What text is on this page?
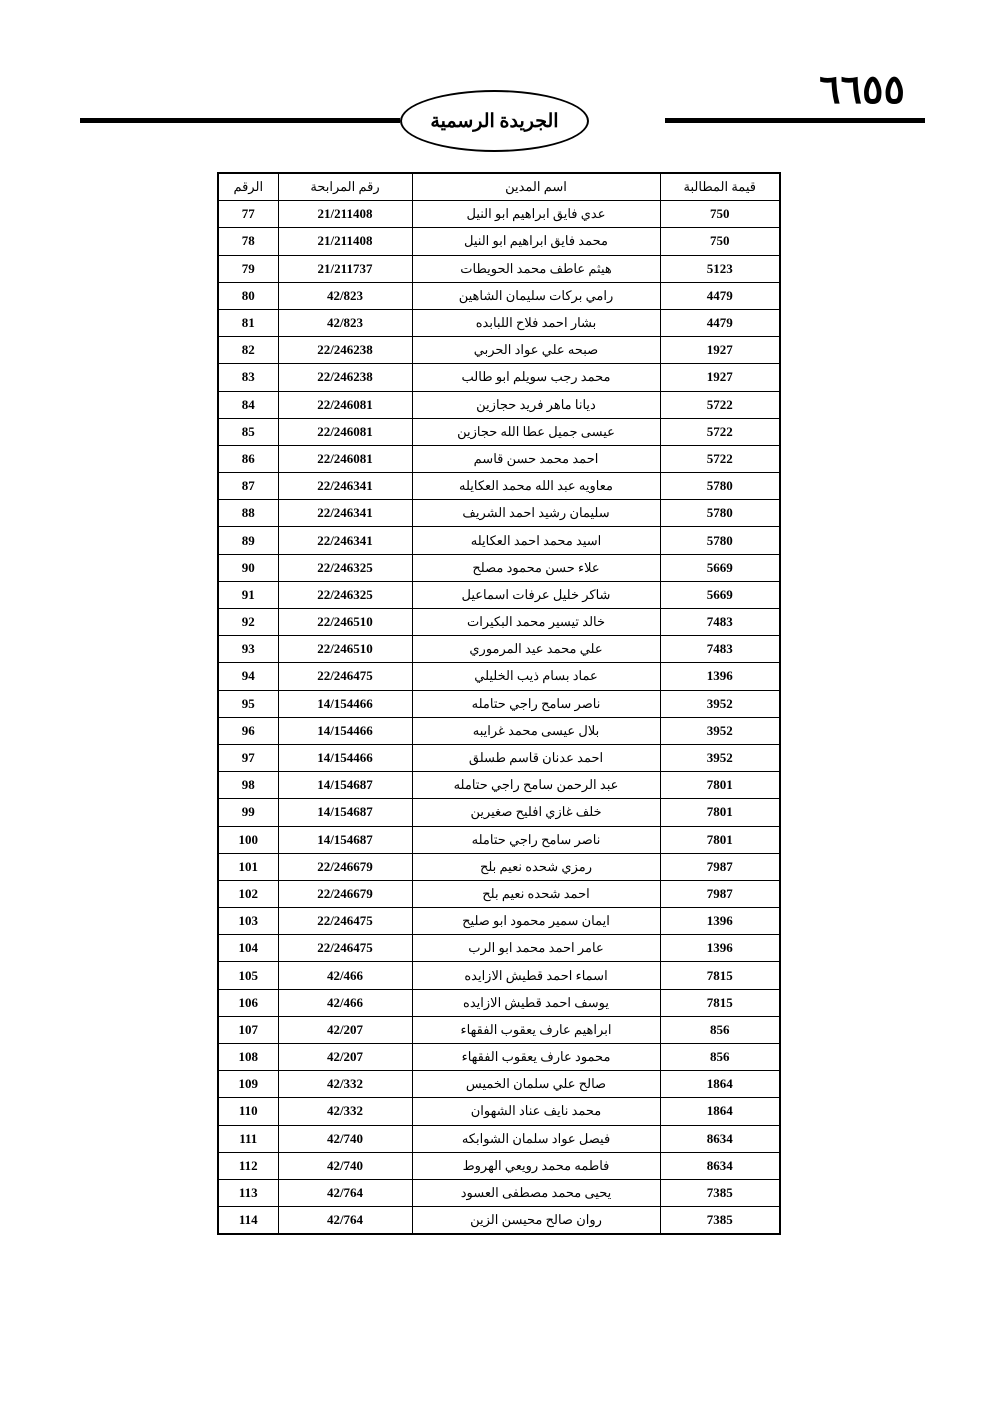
٦٦٥٥
الجريدة الرسمية
قيمة المطالبة	اسم المدين	رقم المرابحة	الرقم
750	عدي فايق ابراهيم ابو النيل	21/211408	77
750	محمد فايق ابراهيم ابو النيل	21/211408	78
5123	هيثم عاطف محمد الحويطات	21/211737	79
4479	رامي بركات سليمان الشاهين	42/823	80
4479	بشار احمد فلاح اللبابده	42/823	81
1927	صبحه علي عواد الحربي	22/246238	82
1927	محمد رجب سويلم ابو طالب	22/246238	83
5722	ديانا ماهر فريد حجازين	22/246081	84
5722	عيسى جميل عطا الله حجازين	22/246081	85
5722	احمد محمد حسن قاسم	22/246081	86
5780	معاويه عبد الله محمد العكايله	22/246341	87
5780	سليمان رشيد احمد الشريف	22/246341	88
5780	اسيد محمد احمد العكايله	22/246341	89
5669	علاء حسن محمود مصلح	22/246325	90
5669	شاكر خليل عرفات اسماعيل	22/246325	91
7483	خالد تيسير محمد البكيرات	22/246510	92
7483	علي محمد عيد المرموري	22/246510	93
1396	عماد بسام ذيب الخليلي	22/246475	94
3952	ناصر سامح راجي حتامله	14/154466	95
3952	بلال عيسى محمد غرايبه	14/154466	96
3952	احمد عدنان قاسم طسلق	14/154466	97
7801	عبد الرحمن سامح راجي حتامله	14/154687	98
7801	خلف غازي افليح صغيرين	14/154687	99
7801	ناصر سامح راجي حتامله	14/154687	100
7987	رمزي شحده نعيم بلح	22/246679	101
7987	احمد شحده نعيم بلح	22/246679	102
1396	ايمان سمير محمود ابو صليح	22/246475	103
1396	عامر احمد محمد ابو الرب	22/246475	104
7815	اسماء احمد قطيش الازايده	42/466	105
7815	يوسف احمد قطيش الازايده	42/466	106
856	ابراهيم عارف يعقوب الفقهاء	42/207	107
856	محمود عارف يعقوب الفقهاء	42/207	108
1864	صالح علي سلمان الخميس	42/332	109
1864	محمد نايف عناد الشهوان	42/332	110
8634	فيصل عواد سلمان الشوابكه	42/740	111
8634	فاطمه محمد رويعي الهروط	42/740	112
7385	يحيى محمد مصطفى العسود	42/764	113
7385	روان صالح محيسن الزين	42/764	114
